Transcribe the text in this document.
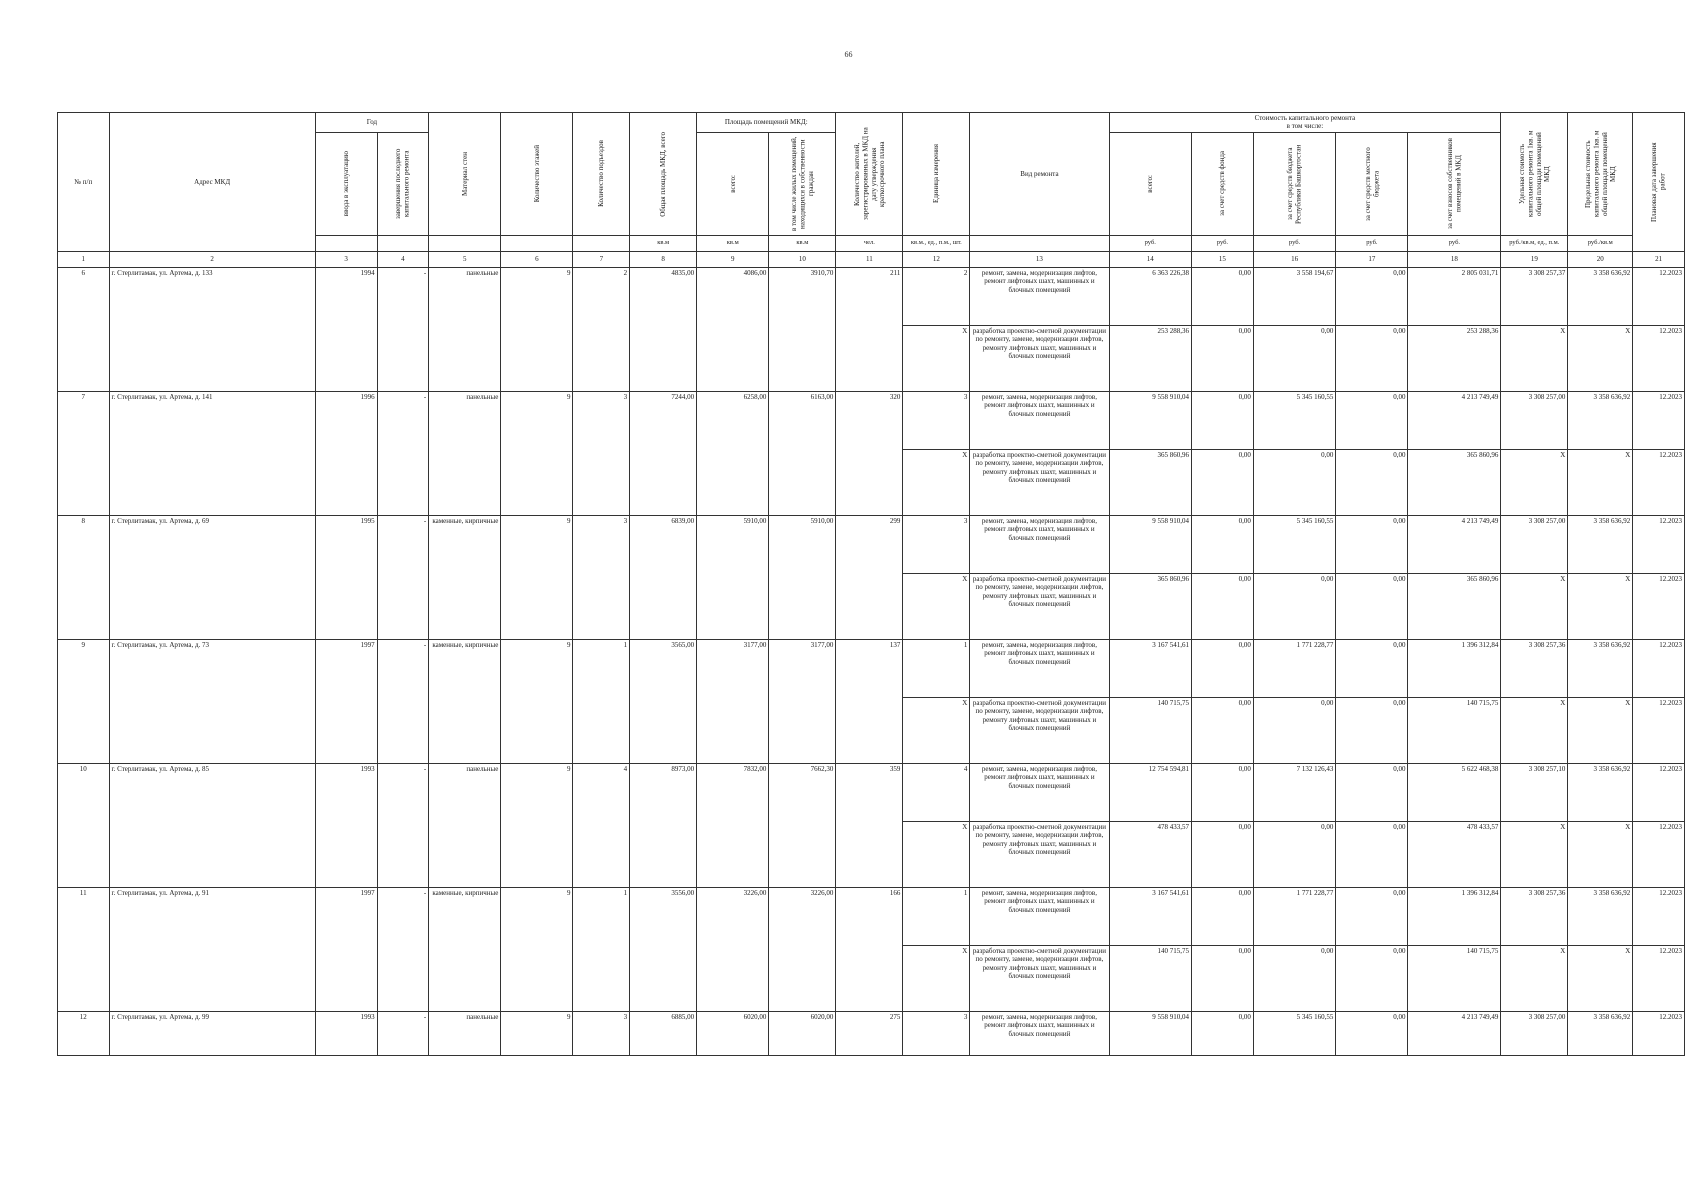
66
№ п/п	Адрес МКД	Год		Материал стен	Количество этажей	Количество подъездов	Общая площадь МКД, всего	Площадь помещений МКД:		Количество жителей, зарегистрированных в МКД на дату утверждения краткосрочного плана	Единица измерения	Вид ремонта	Стоимость капитального ремонта
в том числе:					Удельная стоимость капитального ремонта 1кв. м общей площади помещений МКД	Предельная стоимость капитального ремонта 1кв. м общей площади помещений МКД	Плановая дата завершения работ

		ввода в эксплуатацию	завершения последнего капитального ремонта					всего:	в том числе жилых помещений, находящихся в собственности граждан				всего:	за счет средств фонда	за счет средств бюджета Республики Башкортостан	за счет средств местного бюджета	за счет взносов собственников помещений в МКД			

							кв.м	кв.м	кв.м	чел.	кв.м., ед., п.м., шт.		руб.	руб.	руб.	руб.	руб.	руб./кв.м, ед., п.м.	руб./кв.м	
1	2	3	4	5	6	7	8	9	10	11	12	13	14	15	16	17	18	19	20	21
6	г. Стерлитамак, ул. Артема, д. 133	1994	-	панельные	9	2	4835,00	4086,00	3910,70	211	2	ремонт, замена, модернизация лифтов, ремонт лифтовых шахт, машинных и блочных помещений	6 363 226,38	0,00	3 558 194,67	0,00	2 805 031,71	3 308 257,37	3 358 636,92	12.2023
											X	разработка проектно-сметной документации по ремонту, замене, модернизации лифтов, ремонту лифтовых шахт, машинных и блочных помещений	253 288,36	0,00	0,00	0,00	253 288,36	X	X	12.2023
7	г. Стерлитамак, ул. Артема, д. 141	1996	-	панельные	9	3	7244,00	6258,00	6163,00	320	3	ремонт, замена, модернизация лифтов, ремонт лифтовых шахт, машинных и блочных помещений	9 558 910,04	0,00	5 345 160,55	0,00	4 213 749,49	3 308 257,00	3 358 636,92	12.2023
											X	разработка проектно-сметной документации по ремонту, замене, модернизации лифтов, ремонту лифтовых шахт, машинных и блочных помещений	365 860,96	0,00	0,00	0,00	365 860,96	X	X	12.2023
8	г. Стерлитамак, ул. Артема, д. 69	1995	-	каменные, кирпичные	9	3	6839,00	5910,00	5910,00	299	3	ремонт, замена, модернизация лифтов, ремонт лифтовых шахт, машинных и блочных помещений	9 558 910,04	0,00	5 345 160,55	0,00	4 213 749,49	3 308 257,00	3 358 636,92	12.2023
											X	разработка проектно-сметной документации по ремонту, замене, модернизации лифтов, ремонту лифтовых шахт, машинных и блочных помещений	365 860,96	0,00	0,00	0,00	365 860,96	X	X	12.2023
9	г. Стерлитамак, ул. Артема, д. 73	1997	-	каменные, кирпичные	9	1	3565,00	3177,00	3177,00	137	1	ремонт, замена, модернизация лифтов, ремонт лифтовых шахт, машинных и блочных помещений	3 167 541,61	0,00	1 771 228,77	0,00	1 396 312,84	3 308 257,36	3 358 636,92	12.2023
											X	разработка проектно-сметной документации по ремонту, замене, модернизации лифтов, ремонту лифтовых шахт, машинных и блочных помещений	140 715,75	0,00	0,00	0,00	140 715,75	X	X	12.2023
10	г. Стерлитамак, ул. Артема, д. 85	1993	-	панельные	9	4	8973,00	7832,00	7662,30	359	4	ремонт, замена, модернизация лифтов, ремонт лифтовых шахт, машинных и блочных помещений	12 754 594,81	0,00	7 132 126,43	0,00	5 622 468,38	3 308 257,10	3 358 636,92	12.2023
											X	разработка проектно-сметной документации по ремонту, замене, модернизации лифтов, ремонту лифтовых шахт, машинных и блочных помещений	478 433,57	0,00	0,00	0,00	478 433,57	X	X	12.2023
11	г. Стерлитамак, ул. Артема, д. 91	1997	-	каменные, кирпичные	9	1	3556,00	3226,00	3226,00	166	1	ремонт, замена, модернизация лифтов, ремонт лифтовых шахт, машинных и блочных помещений	3 167 541,61	0,00	1 771 228,77	0,00	1 396 312,84	3 308 257,36	3 358 636,92	12.2023
											X	разработка проектно-сметной документации по ремонту, замене, модернизации лифтов, ремонту лифтовых шахт, машинных и блочных помещений	140 715,75	0,00	0,00	0,00	140 715,75	X	X	12.2023
12	г. Стерлитамак, ул. Артема, д. 99	1993	-	панельные	9	3	6885,00	6020,00	6020,00	275	3	ремонт, замена, модернизация лифтов, ремонт лифтовых шахт, машинных и блочных помещений	9 558 910,04	0,00	5 345 160,55	0,00	4 213 749,49	3 308 257,00	3 358 636,92	12.2023
